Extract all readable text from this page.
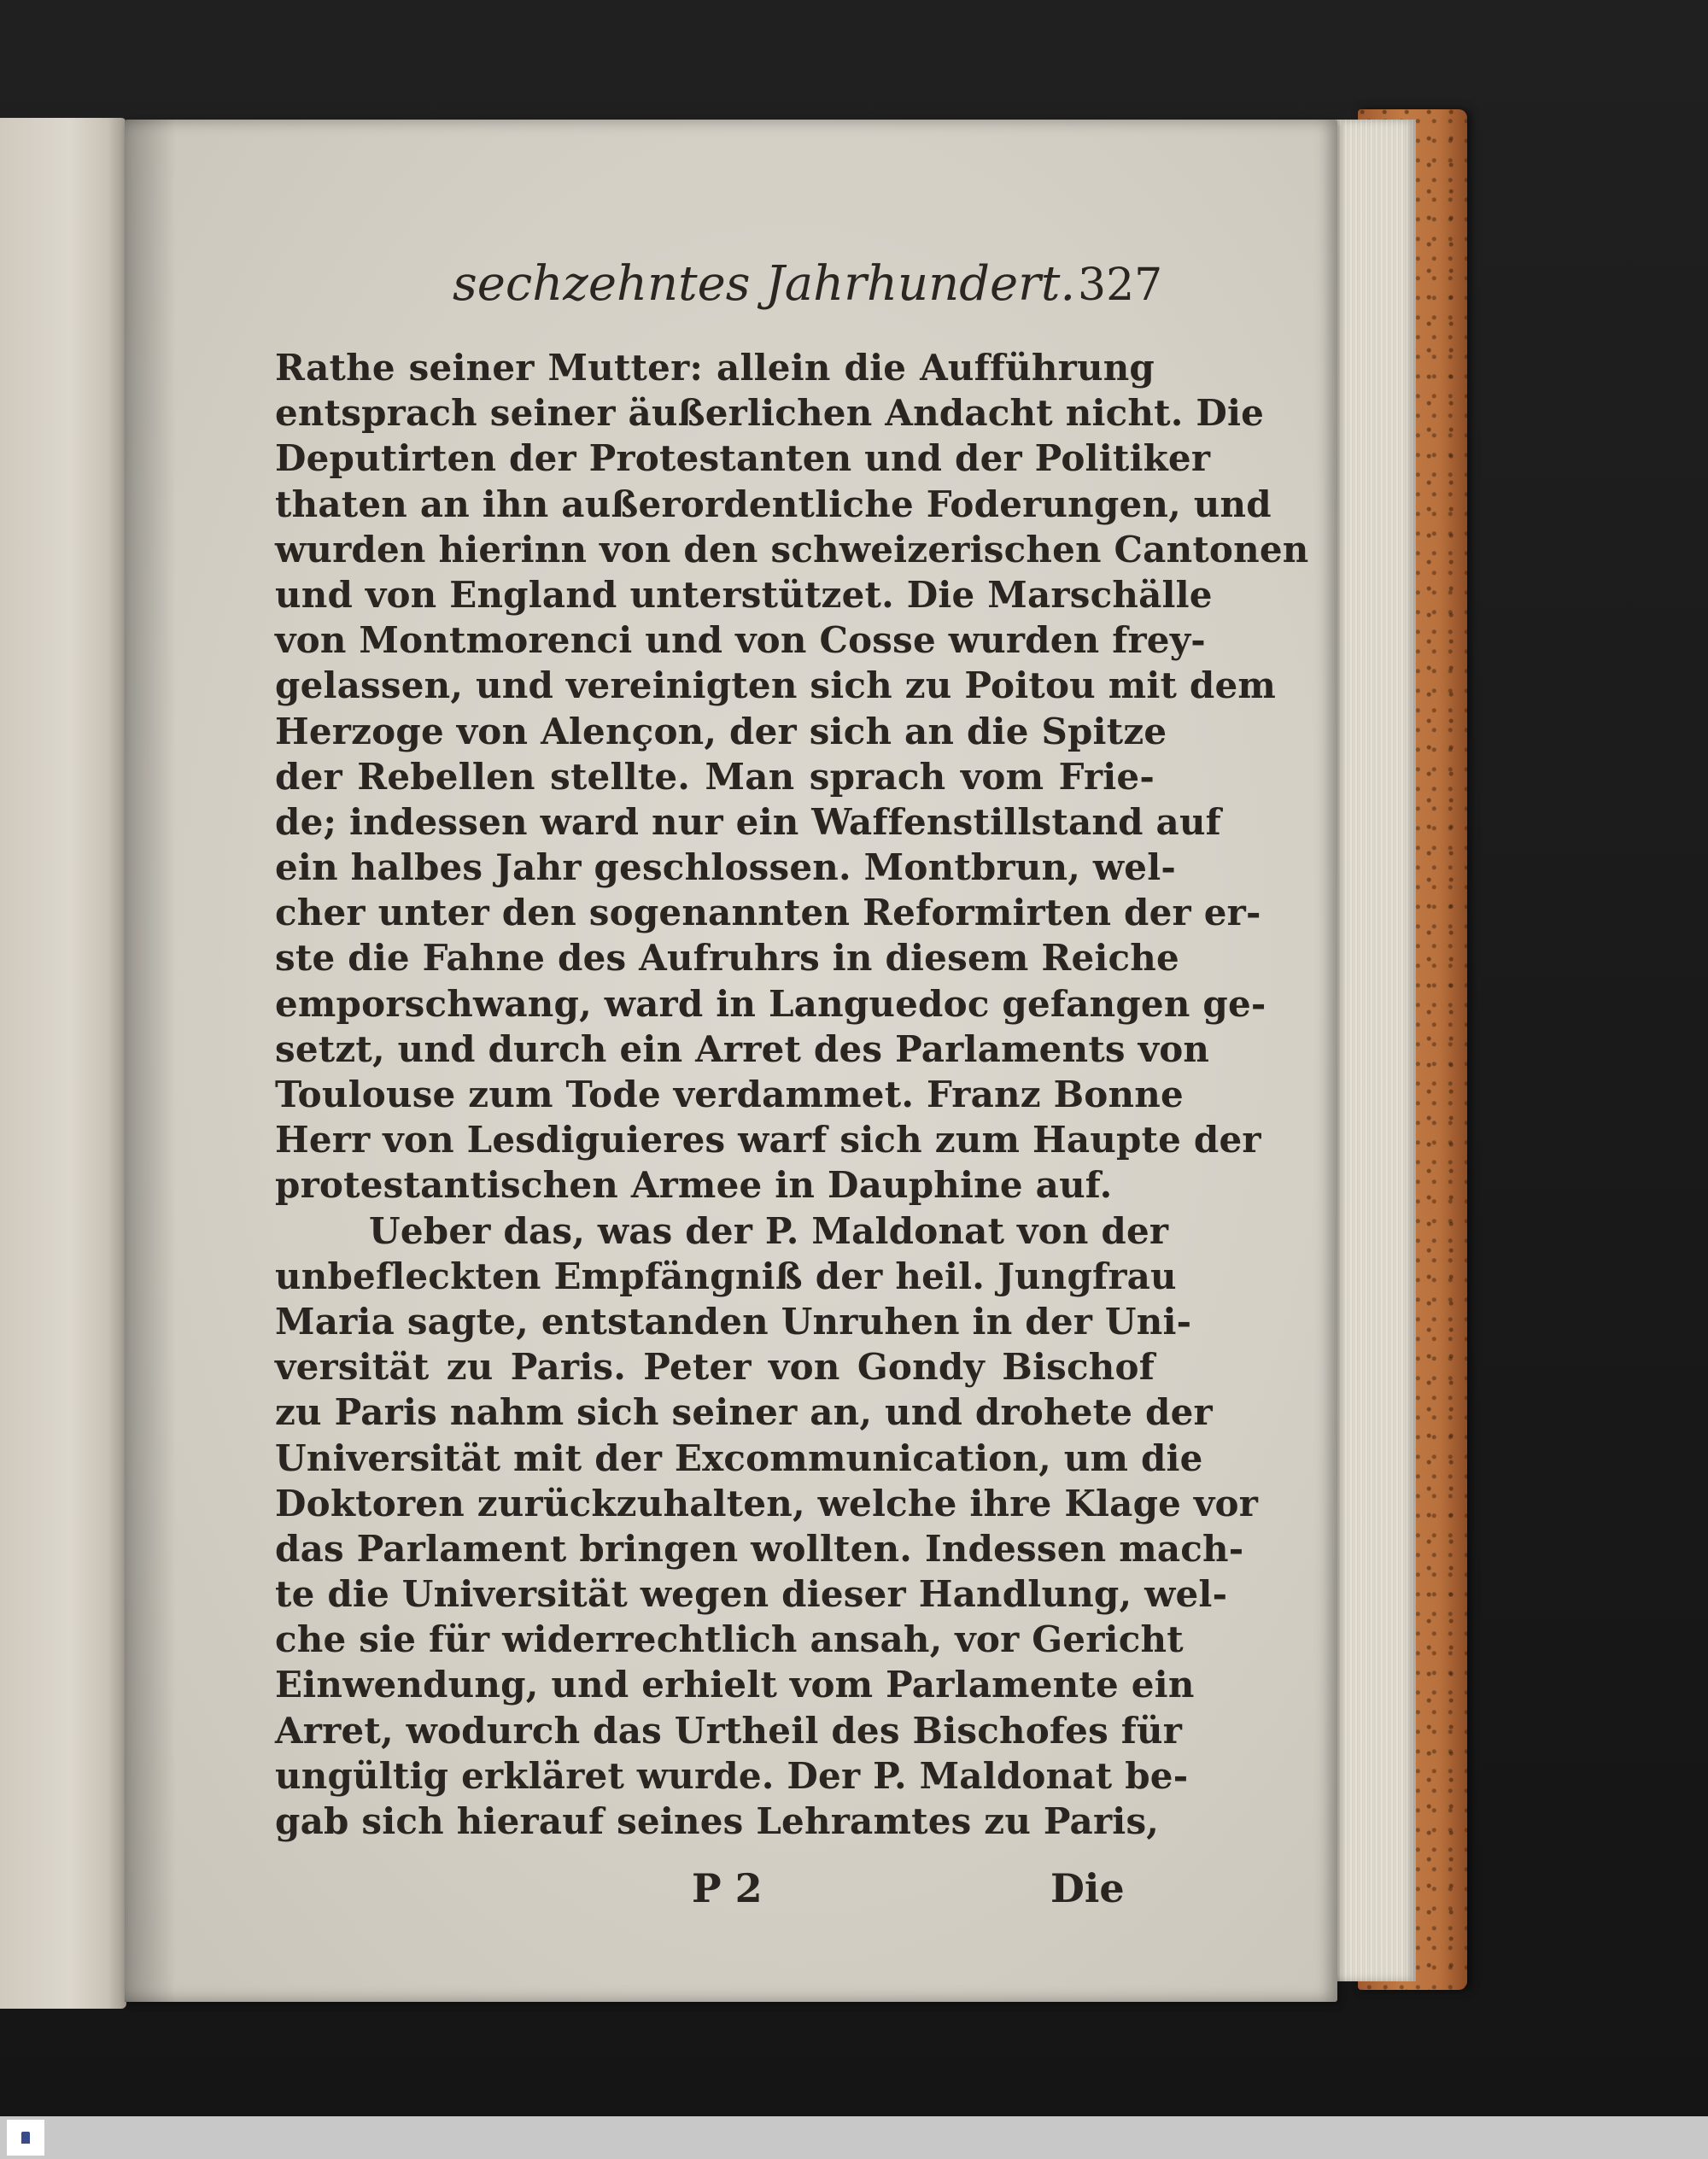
sechzehntes Jahrhundert. 327
Rathe seiner Mutter: allein die Aufführung
entsprach seiner äußerlichen Andacht nicht. Die
Deputirten der Protestanten und der Politiker
thaten an ihn außerordentliche Foderungen, und
wurden hierinn von den schweizerischen Cantonen
und von England unterstützet. Die Marschälle
von Montmorenci und von Cosse wurden frey-
gelassen, und vereinigten sich zu Poitou mit dem
Herzoge von Alençon, der sich an die Spitze
der Rebellen stellte. Man sprach vom Frie-
de; indessen ward nur ein Waffenstillstand auf
ein halbes Jahr geschlossen. Montbrun, wel-
cher unter den sogenannten Reformirten der er-
ste die Fahne des Aufruhrs in diesem Reiche
emporschwang, ward in Languedoc gefangen ge-
setzt, und durch ein Arret des Parlaments von
Toulouse zum Tode verdammet. Franz Bonne
Herr von Lesdiguieres warf sich zum Haupte der
protestantischen Armee in Dauphine auf.
Ueber das, was der P. Maldonat von der
unbefleckten Empfängniß der heil. Jungfrau
Maria sagte, entstanden Unruhen in der Uni-
versität zu Paris. Peter von Gondy Bischof
zu Paris nahm sich seiner an, und drohete der
Universität mit der Excommunication, um die
Doktoren zurückzuhalten, welche ihre Klage vor
das Parlament bringen wollten. Indessen mach-
te die Universität wegen dieser Handlung, wel-
che sie für widerrechtlich ansah, vor Gericht
Einwendung, und erhielt vom Parlamente ein
Arret, wodurch das Urtheil des Bischofes für
ungültig erkläret wurde. Der P. Maldonat be-
gab sich hierauf seines Lehramtes zu Paris,
P 2	Die
